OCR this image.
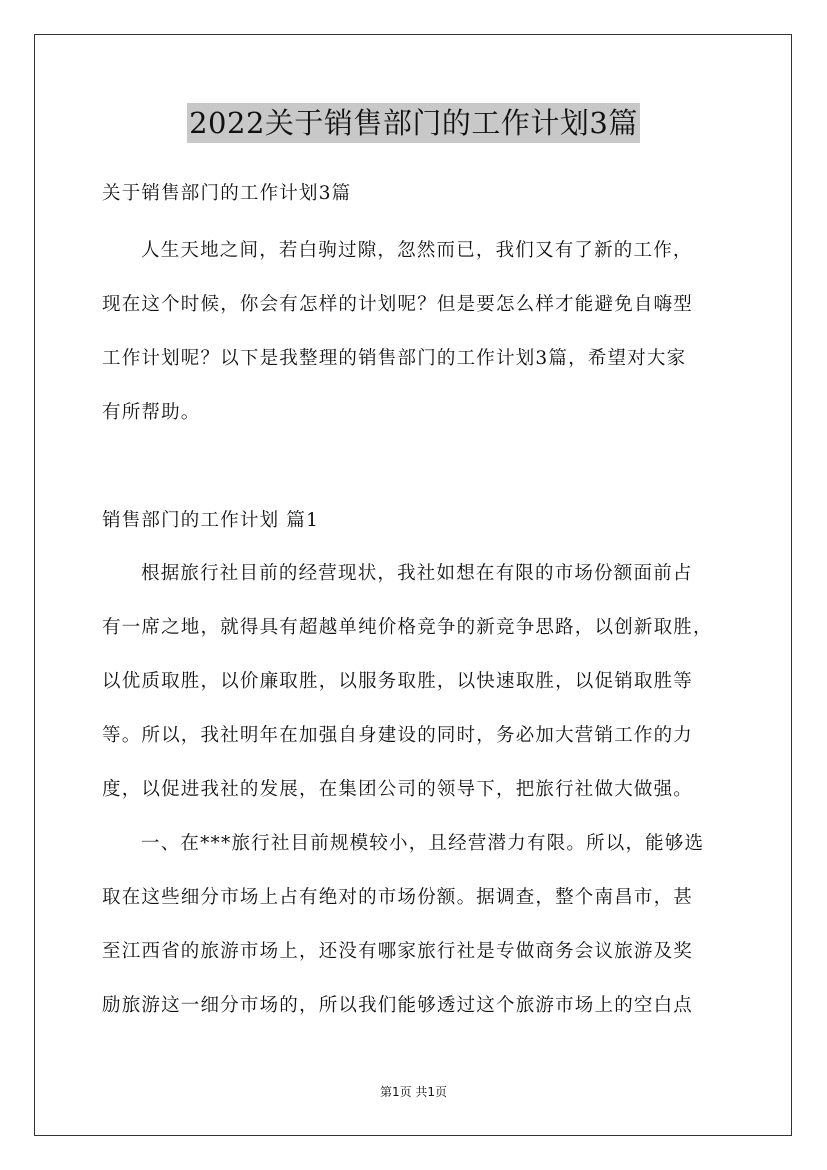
2022关于销售部门的工作计划3篇
关于销售部门的工作计划3篇
人生天地之间，若白驹过隙，忽然而已，我们又有了新的工作，
现在这个时候，你会有怎样的计划呢？但是要怎么样才能避免自嗨型
工作计划呢？以下是我整理的销售部门的工作计划3篇，希望对大家
有所帮助。
销售部门的工作计划 篇1
根据旅行社目前的经营现状，我社如想在有限的市场份额面前占
有一席之地，就得具有超越单纯价格竞争的新竞争思路，以创新取胜，
以优质取胜，以价廉取胜，以服务取胜，以快速取胜，以促销取胜等
等。所以，我社明年在加强自身建设的同时，务必加大营销工作的力
度，以促进我社的发展，在集团公司的领导下，把旅行社做大做强。
一、在***旅行社目前规模较小，且经营潜力有限。所以，能够选
取在这些细分市场上占有绝对的市场份额。据调查，整个南昌市，甚
至江西省的旅游市场上，还没有哪家旅行社是专做商务会议旅游及奖
励旅游这一细分市场的，所以我们能够透过这个旅游市场上的空白点
第1页 共1页
